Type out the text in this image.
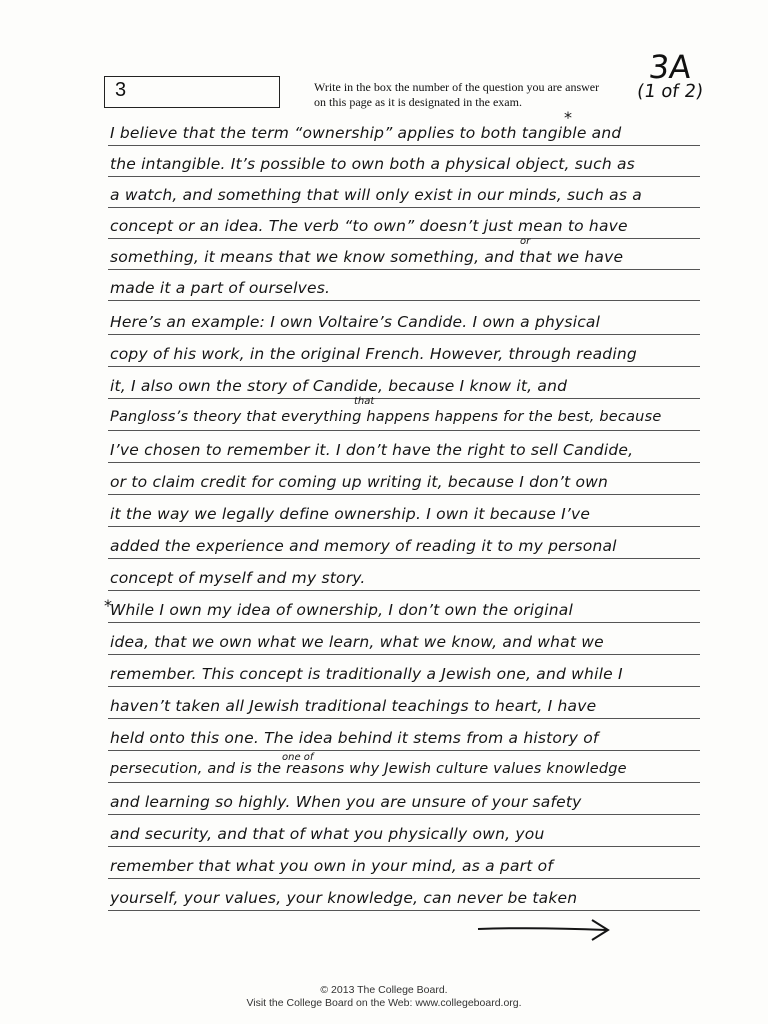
3	Write in the box the number of the question you are answer
on this page as it is designated in the exam.
3A
(1 of 2)
I believe that the term “ownership” applies to both tangible and
the intangible. It’s possible to own both a physical object, such as
a watch, and something that will only exist in our minds, such as a
concept or an idea. The verb “to own” doesn’t just mean to have
something, it means that we know something, and that we have
made it a part of ourselves.
Here’s an example: I own Voltaire’s Candide. I own a physical
copy of his work, in the original French. However, through reading
it, I also own the story of Candide, because I know it, and
Pangloss’s theory that everything happens happens for the best, because
I’ve chosen to remember it. I don’t have the right to sell Candide,
or to claim credit for coming up writing it, because I don’t own
it the way we legally define ownership. I own it because I’ve
added the experience and memory of reading it to my personal
concept of myself and my story.
While I own my idea of ownership, I don’t own the original
idea, that we own what we learn, what we know, and what we
remember. This concept is traditionally a Jewish one, and while I
haven’t taken all Jewish traditional teachings to heart, I have
held onto this one. The idea behind it stems from a history of
persecution, and is the reasons why Jewish culture values knowledge
and learning so highly. When you are unsure of your safety
and security, and that of what you physically own, you
remember that what you own in your mind, as a part of
yourself, your values, your knowledge, can never be taken
*
*
or
that
one of
© 2013 The College Board.
Visit the College Board on the Web: www.collegeboard.org.
